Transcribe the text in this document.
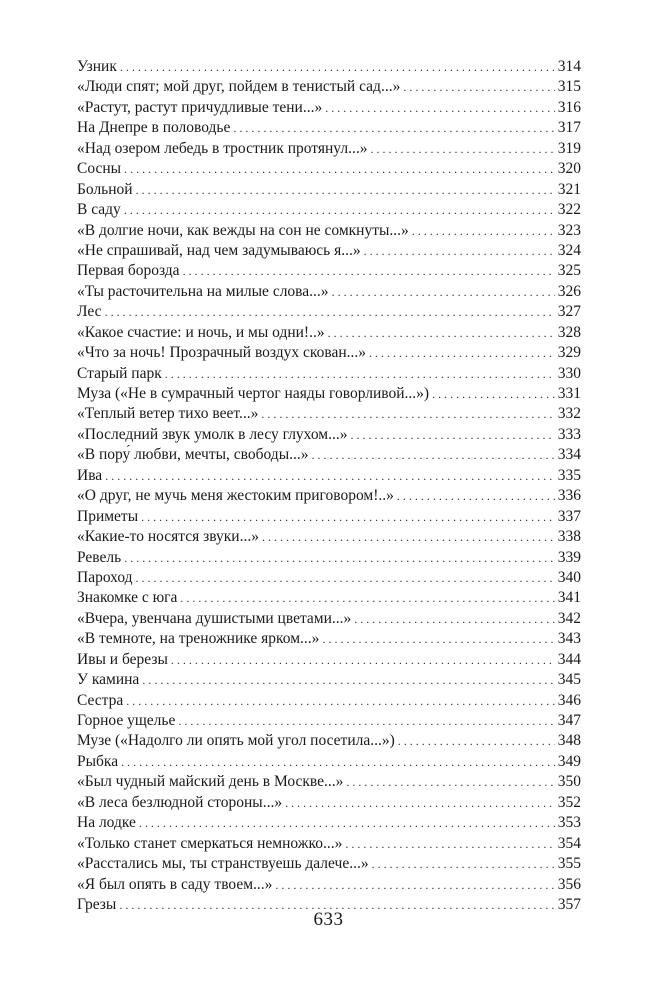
Узник . . .	314
«Люди спят; мой друг, пойдем в тенистый сад...» . . .	315
«Растут, растут причудливые тени...» . . .	316
На Днепре в половодье . . .	317
«Над озером лебедь в тростник протянул...» . . .	319
Сосны . . .	320
Больной . . .	321
В саду . . .	322
«В долгие ночи, как вежды на сон не сомкнуты...» . . .	323
«Не спрашивай, над чем задумываюсь я...» . . .	324
Первая борозда . . .	325
«Ты расточительна на милые слова...» . . .	326
Лес . . .	327
«Какое счастие: и ночь, и мы одни!..» . . .	328
«Что за ночь! Прозрачный воздух скован...» . . .	329
Старый парк . . .	330
Муза («Не в сумрачный чертог наяды говорливой...») . . .	331
«Теплый ветер тихо веет...» . . .	332
«Последний звук умолк в лесу глухом...» . . .	333
«В пору́ любви, мечты, свободы...» . . .	334
Ива . . .	335
«О друг, не мучь меня жестоким приговором!..» . . .	336
Приметы . . .	337
«Какие-то носятся звуки...» . . .	338
Ревель . . .	339
Пароход . . .	340
Знакомке с юга . . .	341
«Вчера, увенчана душистыми цветами...» . . .	342
«В темноте, на треножнике ярком...» . . .	343
Ивы и березы . . .	344
У камина . . .	345
Сестра . . .	346
Горное ущелье . . .	347
Музе («Надолго ли опять мой угол посетила...») . . .	348
Рыбка . . .	349
«Был чудный майский день в Москве...» . . .	350
«В леса безлюдной стороны...» . . .	352
На лодке . . .	353
«Только станет смеркаться немножко...» . . .	354
«Расстались мы, ты странствуешь далече...» . . .	355
«Я был опять в саду твоем...» . . .	356
Грезы . . .	357
633
